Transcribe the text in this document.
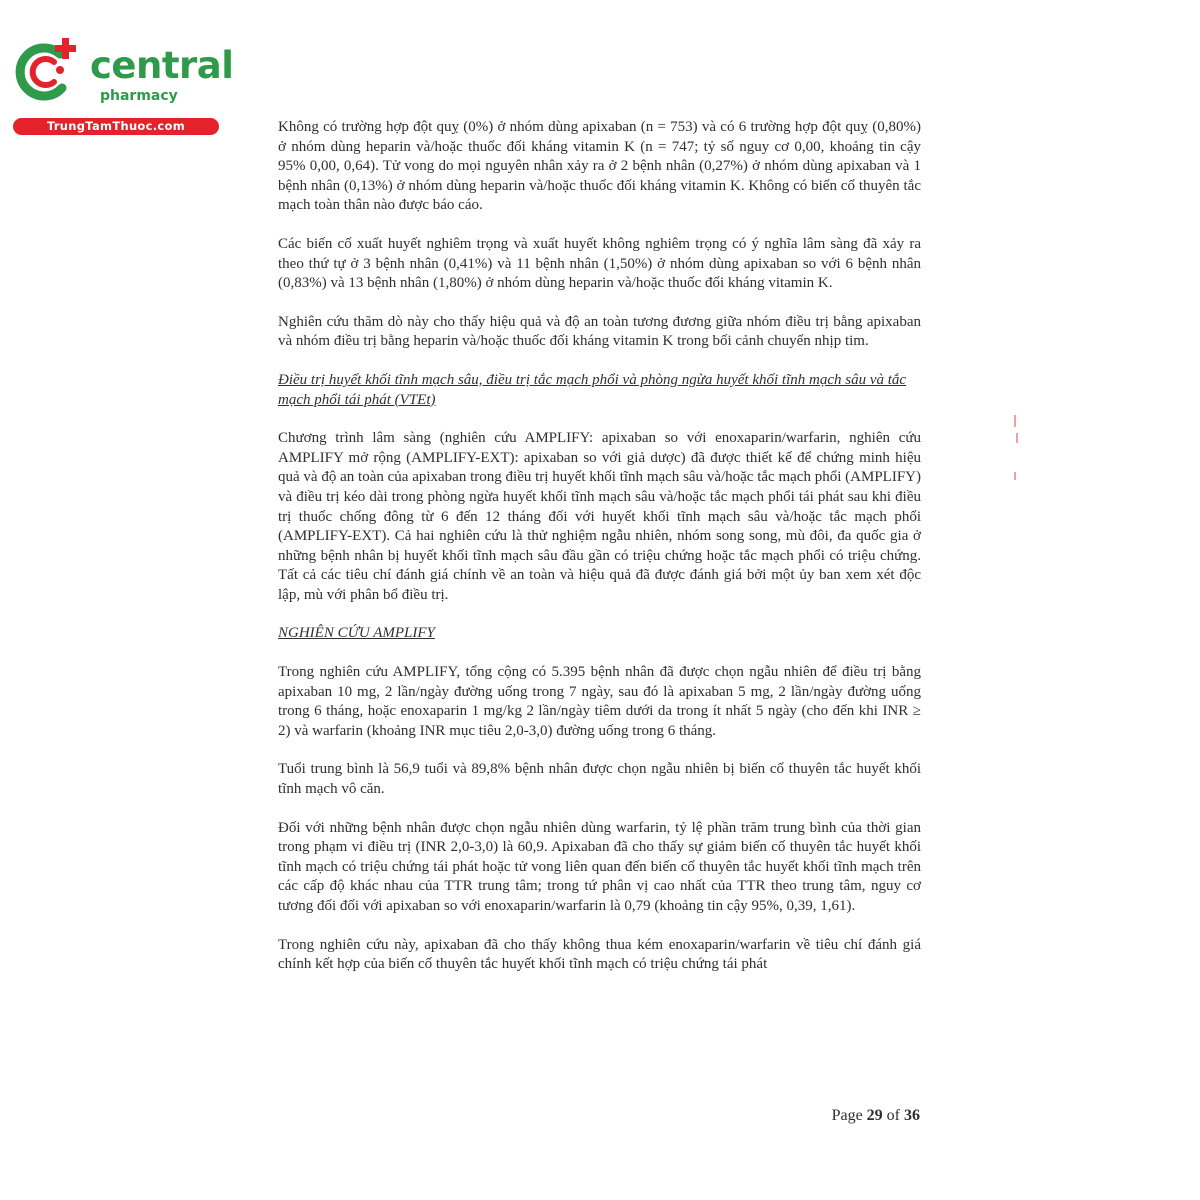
central
pharmacy
TrungTamThuoc.com	Không có trường hợp đột quỵ (0%) ở nhóm dùng apixaban (n = 753) và có 6 trường hợp đột quỵ (0,80%) ở nhóm dùng heparin và/hoặc thuốc đối kháng vitamin K (n = 747; tỷ số nguy cơ 0,00, khoảng tin cậy 95% 0,00, 0,64). Tử vong do mọi nguyên nhân xảy ra ở 2 bệnh nhân (0,27%) ở nhóm dùng apixaban và 1 bệnh nhân (0,13%) ở nhóm dùng heparin và/hoặc thuốc đối kháng vitamin K. Không có biến cố thuyên tắc mạch toàn thân nào được báo cáo.

Các biến cố xuất huyết nghiêm trọng và xuất huyết không nghiêm trọng có ý nghĩa lâm sàng đã xảy ra theo thứ tự ở 3 bệnh nhân (0,41%) và 11 bệnh nhân (1,50%) ở nhóm dùng apixaban so với 6 bệnh nhân (0,83%) và 13 bệnh nhân (1,80%) ở nhóm dùng heparin và/hoặc thuốc đối kháng vitamin K.

Nghiên cứu thăm dò này cho thấy hiệu quả và độ an toàn tương đương giữa nhóm điều trị bằng apixaban và nhóm điều trị bằng heparin và/hoặc thuốc đối kháng vitamin K trong bối cảnh chuyển nhịp tim.

Điều trị huyết khối tĩnh mạch sâu, điều trị tắc mạch phổi và phòng ngừa huyết khối tĩnh mạch sâu và tắc mạch phổi tái phát (VTEt)

Chương trình lâm sàng (nghiên cứu AMPLIFY: apixaban so với enoxaparin/warfarin, nghiên cứu AMPLIFY mở rộng (AMPLIFY-EXT): apixaban so với giả dược) đã được thiết kế để chứng minh hiệu quả và độ an toàn của apixaban trong điều trị huyết khối tĩnh mạch sâu và/hoặc tắc mạch phổi (AMPLIFY) và điều trị kéo dài trong phòng ngừa huyết khối tĩnh mạch sâu và/hoặc tắc mạch phổi tái phát sau khi điều trị thuốc chống đông từ 6 đến 12 tháng đối với huyết khối tĩnh mạch sâu và/hoặc tắc mạch phổi (AMPLIFY-EXT). Cả hai nghiên cứu là thử nghiệm ngẫu nhiên, nhóm song song, mù đôi, đa quốc gia ở những bệnh nhân bị huyết khối tĩnh mạch sâu đầu gần có triệu chứng hoặc tắc mạch phổi có triệu chứng. Tất cả các tiêu chí đánh giá chính về an toàn và hiệu quả đã được đánh giá bởi một ủy ban xem xét độc lập, mù với phân bổ điều trị.

NGHIÊN CỨU AMPLIFY

Trong nghiên cứu AMPLIFY, tổng cộng có 5.395 bệnh nhân đã được chọn ngẫu nhiên để điều trị bằng apixaban 10 mg, 2 lần/ngày đường uống trong 7 ngày, sau đó là apixaban 5 mg, 2 lần/ngày đường uống trong 6 tháng, hoặc enoxaparin 1 mg/kg 2 lần/ngày tiêm dưới da trong ít nhất 5 ngày (cho đến khi INR ≥ 2) và warfarin (khoảng INR mục tiêu 2,0-3,0) đường uống trong 6 tháng.

Tuổi trung bình là 56,9 tuổi và 89,8% bệnh nhân được chọn ngẫu nhiên bị biến cố thuyên tắc huyết khối tĩnh mạch vô căn.

Đối với những bệnh nhân được chọn ngẫu nhiên dùng warfarin, tỷ lệ phần trăm trung bình của thời gian trong phạm vi điều trị (INR 2,0-3,0) là 60,9. Apixaban đã cho thấy sự giảm biến cố thuyên tắc huyết khối tĩnh mạch có triệu chứng tái phát hoặc tử vong liên quan đến biến cố thuyên tắc huyết khối tĩnh mạch trên các cấp độ khác nhau của TTR trung tâm; trong tứ phân vị cao nhất của TTR theo trung tâm, nguy cơ tương đối đối với apixaban so với enoxaparin/warfarin là 0,79 (khoảng tin cậy 95%, 0,39, 1,61).

Trong nghiên cứu này, apixaban đã cho thấy không thua kém enoxaparin/warfarin về tiêu chí đánh giá chính kết hợp của biến cố thuyên tắc huyết khối tĩnh mạch có triệu chứng tái phát

Page 29 of 36
